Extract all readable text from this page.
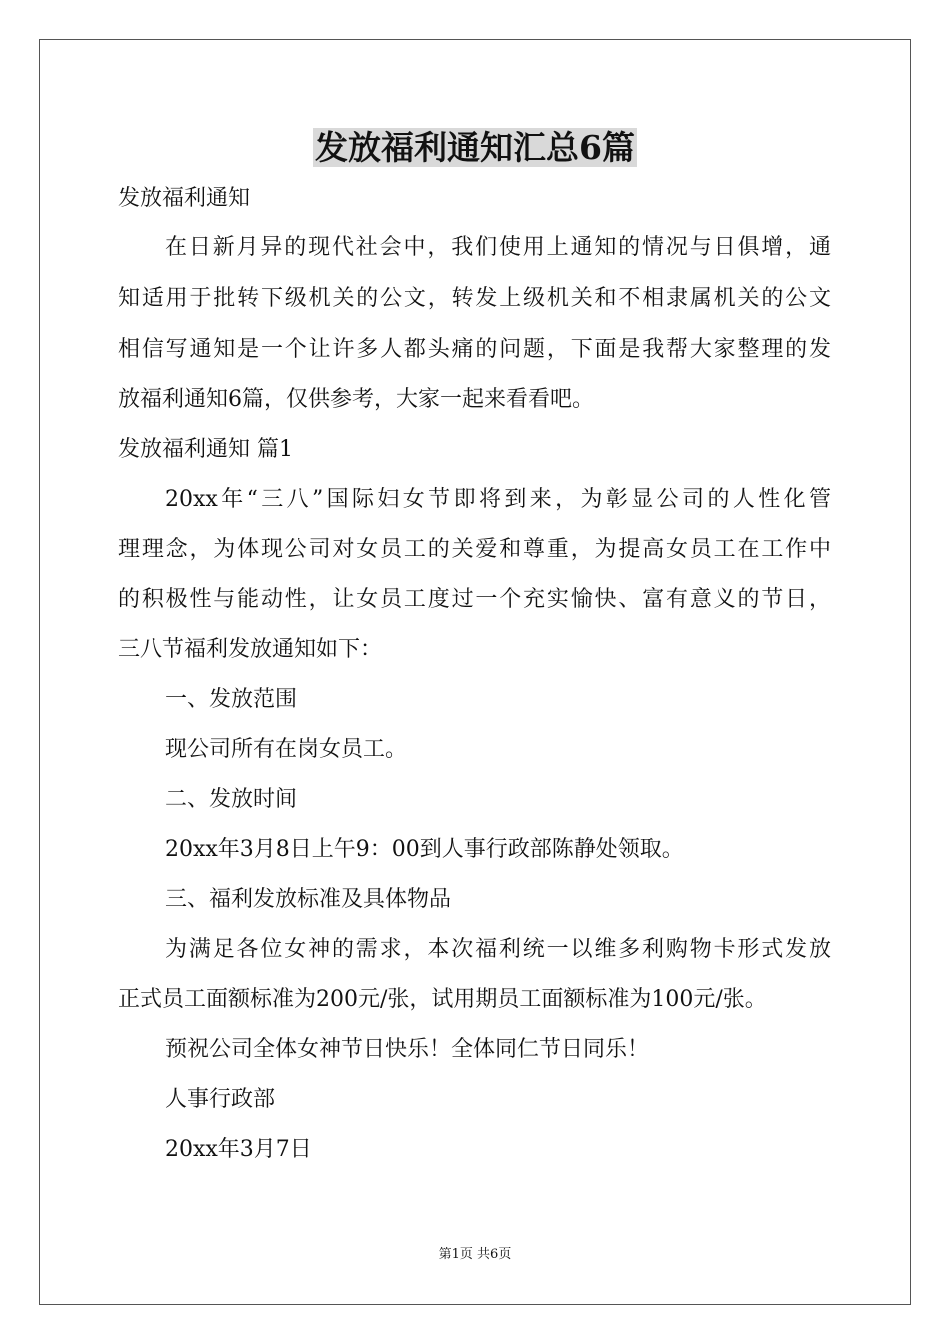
发放福利通知汇总6篇
发放福利通知
在日新月异的现代社会中，我们使用上通知的情况与日俱增，通
知适用于批转下级机关的公文，转发上级机关和不相隶属机关的公文
相信写通知是一个让许多人都头痛的问题，下面是我帮大家整理的发
放福利通知6篇，仅供参考，大家一起来看看吧。
发放福利通知 篇1
20xx年“三八”国际妇女节即将到来，为彰显公司的人性化管
理理念，为体现公司对女员工的关爱和尊重，为提高女员工在工作中
的积极性与能动性，让女员工度过一个充实愉快、富有意义的节日，
三八节福利发放通知如下：
一、发放范围
现公司所有在岗女员工。
二、发放时间
20xx年3月8日上午9：00到人事行政部陈静处领取。
三、福利发放标准及具体物品
为满足各位女神的需求，本次福利统一以维多利购物卡形式发放
正式员工面额标准为200元/张，试用期员工面额标准为100元/张。
预祝公司全体女神节日快乐！全体同仁节日同乐！
人事行政部
20xx年3月7日
第1页 共6页
